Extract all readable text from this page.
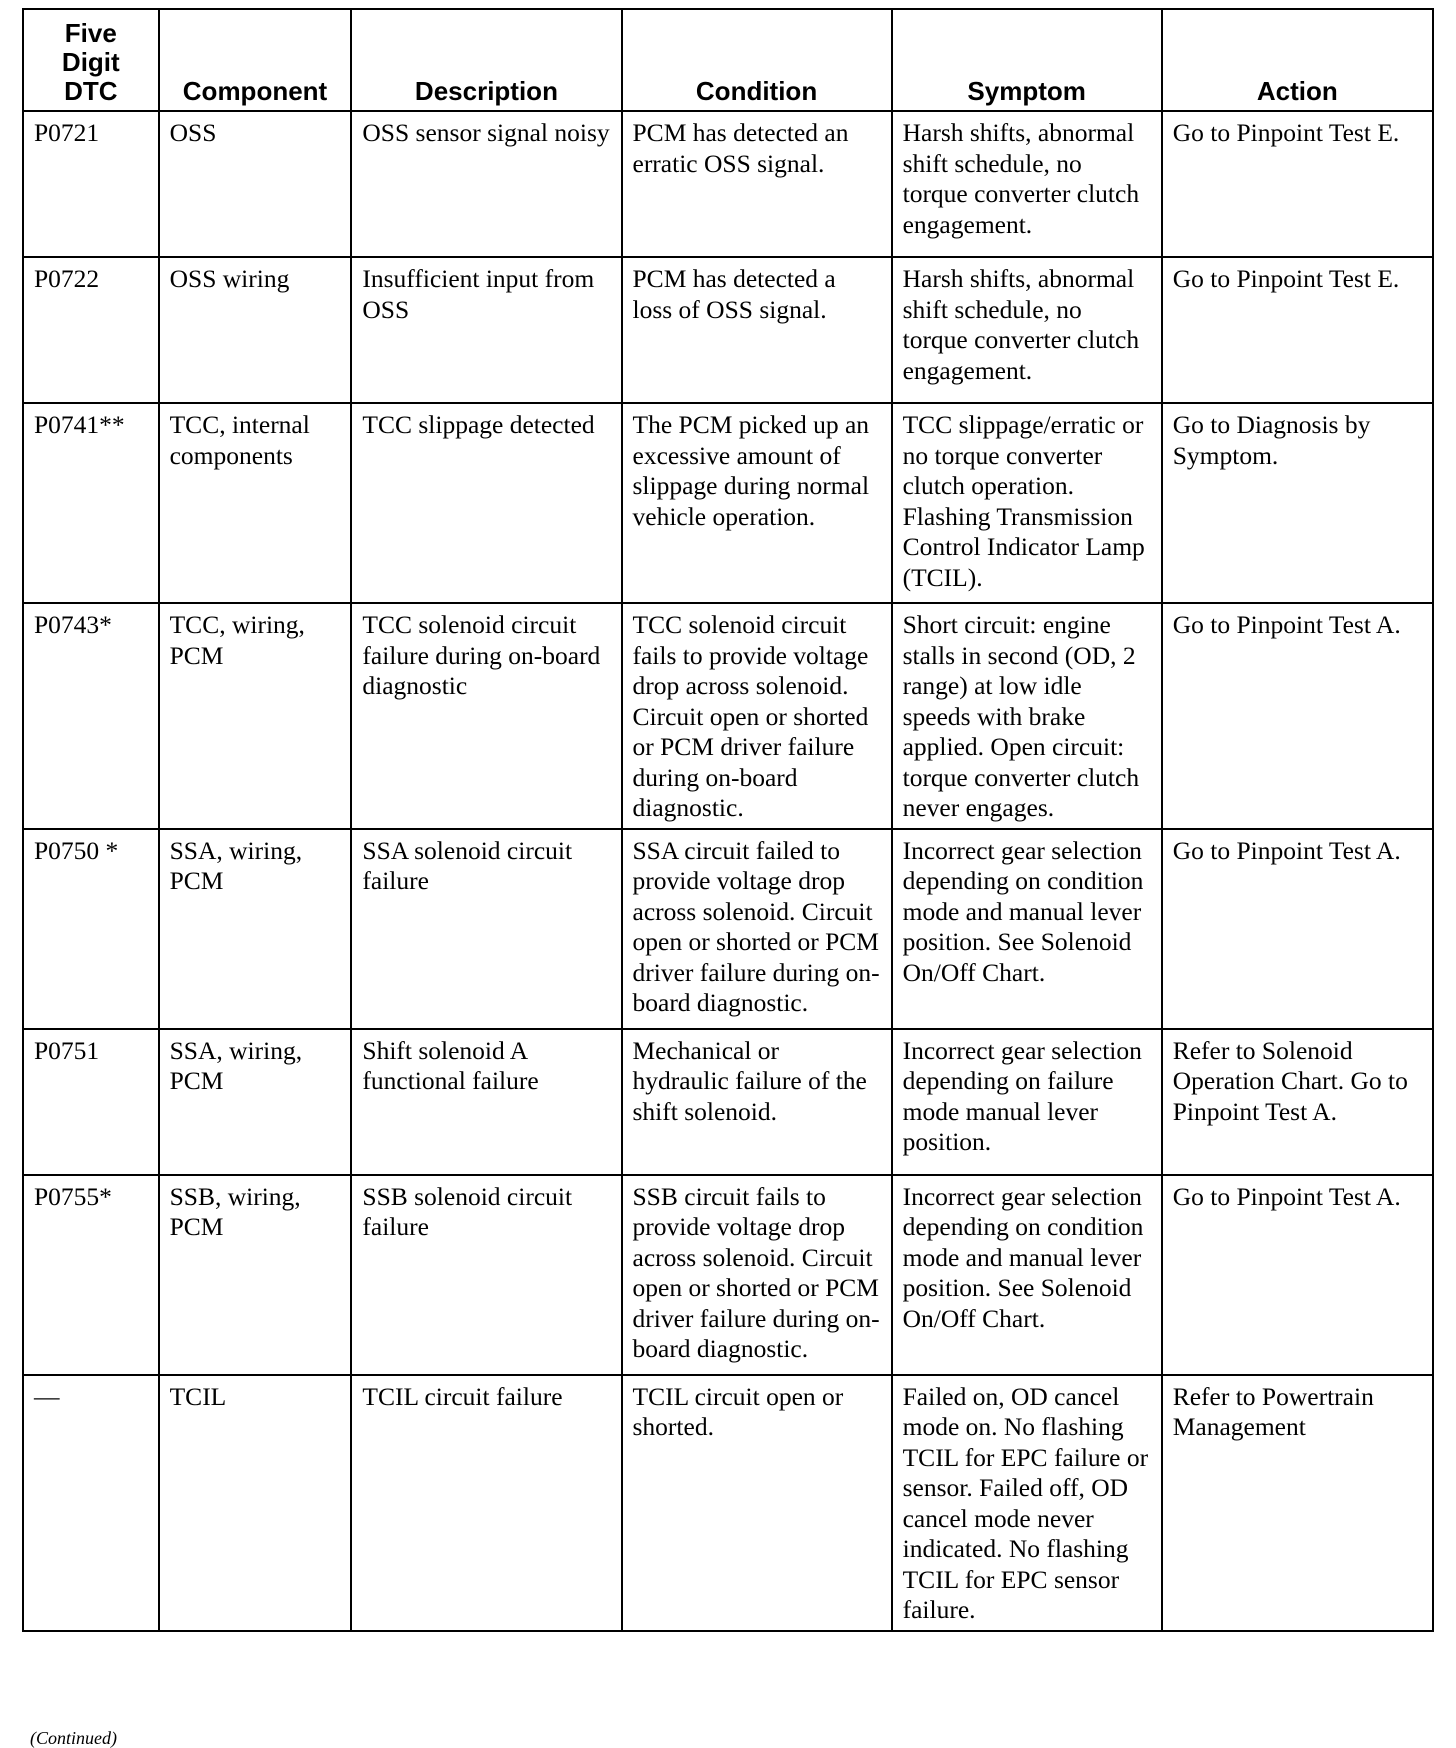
Five Digit DTC	Component	Description	Condition	Symptom	Action
P0721	OSS	OSS sensor signal noisy	PCM has detected an erratic OSS signal.	Harsh shifts, abnormal shift schedule, no torque converter clutch engagement.	Go to Pinpoint Test E.
P0722	OSS wiring	Insufficient input from OSS	PCM has detected a loss of OSS signal.	Harsh shifts, abnormal shift schedule, no torque converter clutch engagement.	Go to Pinpoint Test E.
P0741**	TCC, internal components	TCC slippage detected	The PCM picked up an excessive amount of slippage during normal vehicle operation.	TCC slippage/erratic or no torque converter clutch operation. Flashing Transmission Control Indicator Lamp (TCIL).	Go to Diagnosis by Symptom.
P0743*	TCC, wiring, PCM	TCC solenoid circuit failure during on-board diagnostic	TCC solenoid circuit fails to provide voltage drop across solenoid. Circuit open or shorted or PCM driver failure during on-board diagnostic.	Short circuit: engine stalls in second (OD, 2 range) at low idle speeds with brake applied. Open circuit: torque converter clutch never engages.	Go to Pinpoint Test A.
P0750 *	SSA, wiring, PCM	SSA solenoid circuit failure	SSA circuit failed to provide voltage drop across solenoid. Circuit open or shorted or PCM driver failure during on-board diagnostic.	Incorrect gear selection depending on condition mode and manual lever position. See Solenoid On/Off Chart.	Go to Pinpoint Test A.
P0751	SSA, wiring, PCM	Shift solenoid A functional failure	Mechanical or hydraulic failure of the shift solenoid.	Incorrect gear selection depending on failure mode manual lever position.	Refer to Solenoid Operation Chart. Go to Pinpoint Test A.
P0755*	SSB, wiring, PCM	SSB solenoid circuit failure	SSB circuit fails to provide voltage drop across solenoid. Circuit open or shorted or PCM driver failure during on-board diagnostic.	Incorrect gear selection depending on condition mode and manual lever position. See Solenoid On/Off Chart.	Go to Pinpoint Test A.
—	TCIL	TCIL circuit failure	TCIL circuit open or shorted.	Failed on, OD cancel mode on. No flashing TCIL for EPC failure or sensor. Failed off, OD cancel mode never indicated. No flashing TCIL for EPC sensor failure.	Refer to Powertrain Management
(Continued)
